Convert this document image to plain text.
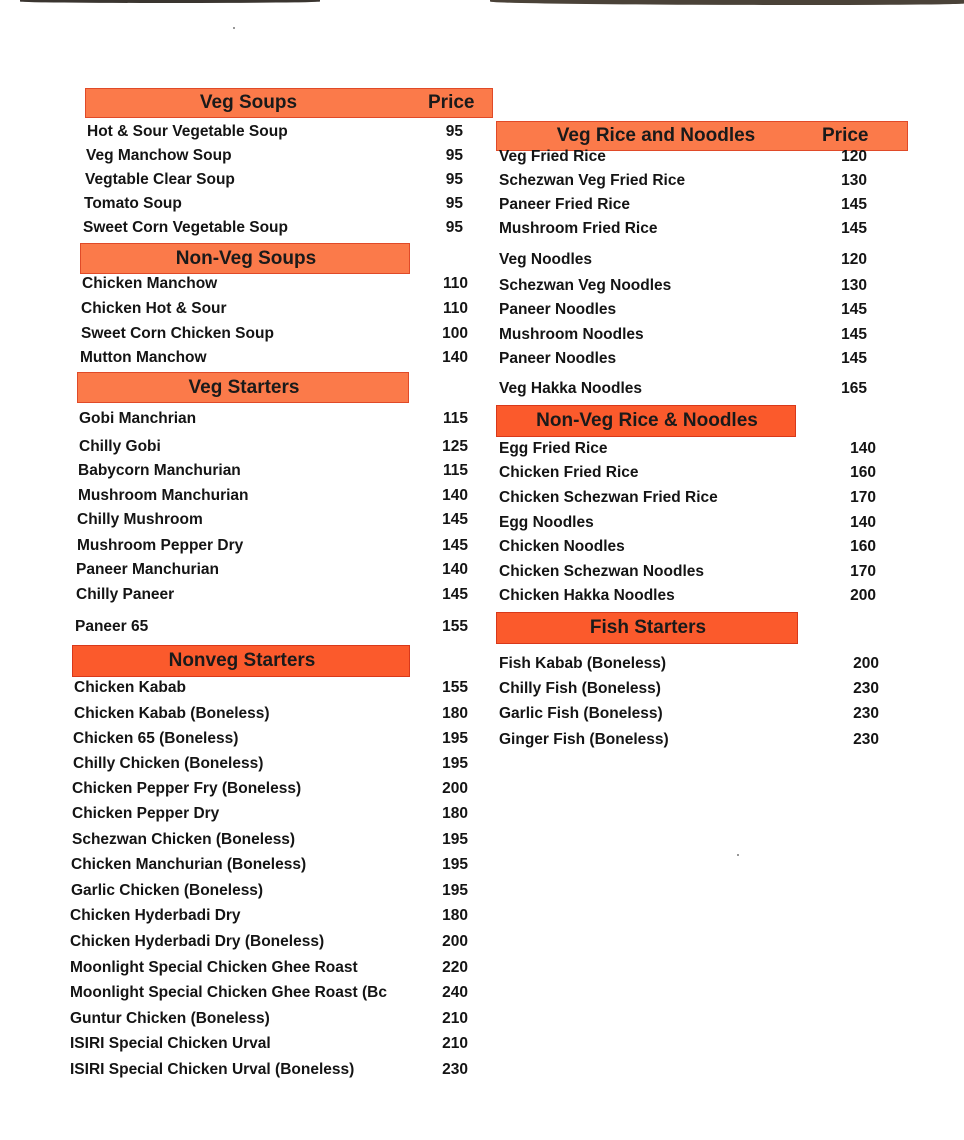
Veg Soups	Price
Hot & Sour Vegetable Soup	95
Veg Manchow Soup	95
Vegtable Clear Soup	95
Tomato Soup	95
Sweet Corn Vegetable Soup	95
Non-Veg Soups
Chicken Manchow	110
Chicken Hot & Sour	110
Sweet Corn Chicken Soup	100
Mutton Manchow	140
Veg Starters
Gobi Manchrian	115
Chilly Gobi	125
Babycorn Manchurian	115
Mushroom Manchurian	140
Chilly Mushroom	145
Mushroom Pepper Dry	145
Paneer Manchurian	140
Chilly Paneer	145
Paneer 65	155
Nonveg Starters
Chicken Kabab	155
Chicken Kabab (Boneless)	180
Chicken 65 (Boneless)	195
Chilly Chicken (Boneless)	195
Chicken Pepper Fry (Boneless)	200
Chicken Pepper Dry	180
Schezwan Chicken (Boneless)	195
Chicken Manchurian (Boneless)	195
Garlic Chicken (Boneless)	195
Chicken Hyderbadi Dry	180
Chicken Hyderbadi Dry (Boneless)	200
Moonlight Special Chicken Ghee Roast	220
Moonlight Special Chicken Ghee Roast (Bc	240
Guntur Chicken (Boneless)	210
ISIRI Special Chicken Urval	210
ISIRI Special Chicken Urval (Boneless)	230
Veg Rice and Noodles	Price
Veg Fried Rice	120
Schezwan Veg Fried Rice	130
Paneer Fried Rice	145
Mushroom Fried Rice	145
Veg Noodles	120
Schezwan Veg Noodles	130
Paneer Noodles	145
Mushroom Noodles	145
Paneer Noodles	145
Veg Hakka Noodles	165
Non-Veg Rice & Noodles
Egg Fried Rice	140
Chicken Fried Rice	160
Chicken Schezwan Fried Rice	170
Egg Noodles	140
Chicken Noodles	160
Chicken Schezwan Noodles	170
Chicken Hakka Noodles	200
Fish Starters
Fish Kabab (Boneless)	200
Chilly Fish (Boneless)	230
Garlic Fish (Boneless)	230
Ginger Fish (Boneless)	230
